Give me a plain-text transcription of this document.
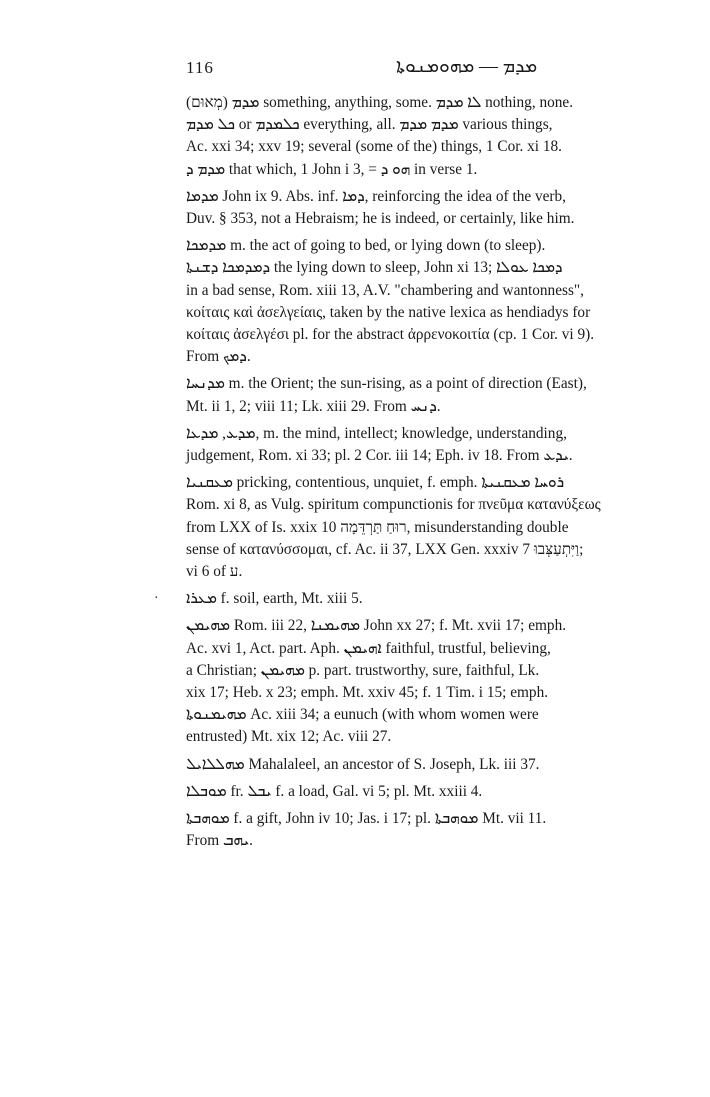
116	ܡܕܡ — ܡܗܘܡܢܘܬܐ
ܡܕܡ (מְאוּם) something, anything, some. ܠܐ ܡܕܡ nothing, none.
ܟܠ ܡܕܡ or ܟܠܡܕܡ everything, all. ܡܕܡ ܡܕܡ various things,
Ac. xxi 34; xxv 19; several (some of the) things, 1 Cor. xi 18.
ܡܕܡ ܕ that which, 1 John i 3, = ܗܘ ܕ in verse 1.
ܡܕܡܐ John ix 9. Abs. inf. ܕܡܐ, reinforcing the idea of the verb,
Duv. § 353, not a Hebraism; he is indeed, or certainly, like him.
ܡܕܡܟܐ m. the act of going to bed, or lying down (to sleep).
ܕܡܕܡܟܐ ܕܫܢܬܐ the lying down to sleep, John xi 13; ܕܡܟܐ ܥܘܠܐ
in a bad sense, Rom. xiii 13, A.V. "chambering and wantonness",
κοίταις καὶ ἀσελγείαις, taken by the native lexica as hendiadys for
κοίταις ἀσελγέσι pl. for the abstract ἀρρενοκοιτία (cp. 1 Cor. vi 9).
From ܕܡܟ.
ܡܕܢܚܐ m. the Orient; the sun-rising, as a point of direction (East),
Mt. ii 1, 2; viii 11; Lk. xiii 29. From ܕܢܚ.
ܡܕܥ, ܡܕܥܐ, m. the mind, intellect; knowledge, understanding,
judgement, Rom. xi 33; pl. 2 Cor. iii 14; Eph. iv 18. From ܝܕܥ.
ܡܥܩܢܝܐ pricking, contentious, unquiet, f. emph. ܪܘܚܐ ܡܥܩܢܝܬܐ
Rom. xi 8, as Vulg. spiritum compunctionis for πνεῦμα κατανύξεως
from LXX of Is. xxix 10 רוּחַ תַּרְדֵּמָה, misunderstanding double
sense of κατανύσσομαι, cf. Ac. ii 37, LXX Gen. xxxiv 7 וַיִּתְעַצְּבוּ;
vi 6 of ע.
·	ܡܥܪܐ f. soil, earth, Mt. xiii 5.
ܡܗܝܡܢ Rom. iii 22, ܡܗܝܡܢܐ John xx 27; f. Mt. xvii 17; emph.
Ac. xvi 1, Act. part. Aph. ܐܗܝܡܢ faithful, trustful, believing,
a Christian; ܡܗܝܡܢ p. part. trustworthy, sure, faithful, Lk.
xix 17; Heb. x 23; emph. Mt. xxiv 45; f. 1 Tim. i 15; emph.
ܡܗܝܡܢܘܬܐ Ac. xiii 34; a eunuch (with whom women were
entrusted) Mt. xix 12; Ac. viii 27.
ܡܗܠܠܐܝܠ Mahalaleel, an ancestor of S. Joseph, Lk. iii 37.
ܡܘܒܠܐ fr. ܝܒܠ f. a load, Gal. vi 5; pl. Mt. xxiii 4.
ܡܘܗܒܬܐ f. a gift, John iv 10; Jas. i 17; pl. ܡܘܗܒܬܐ Mt. vii 11.
From ܝܗܒ.
